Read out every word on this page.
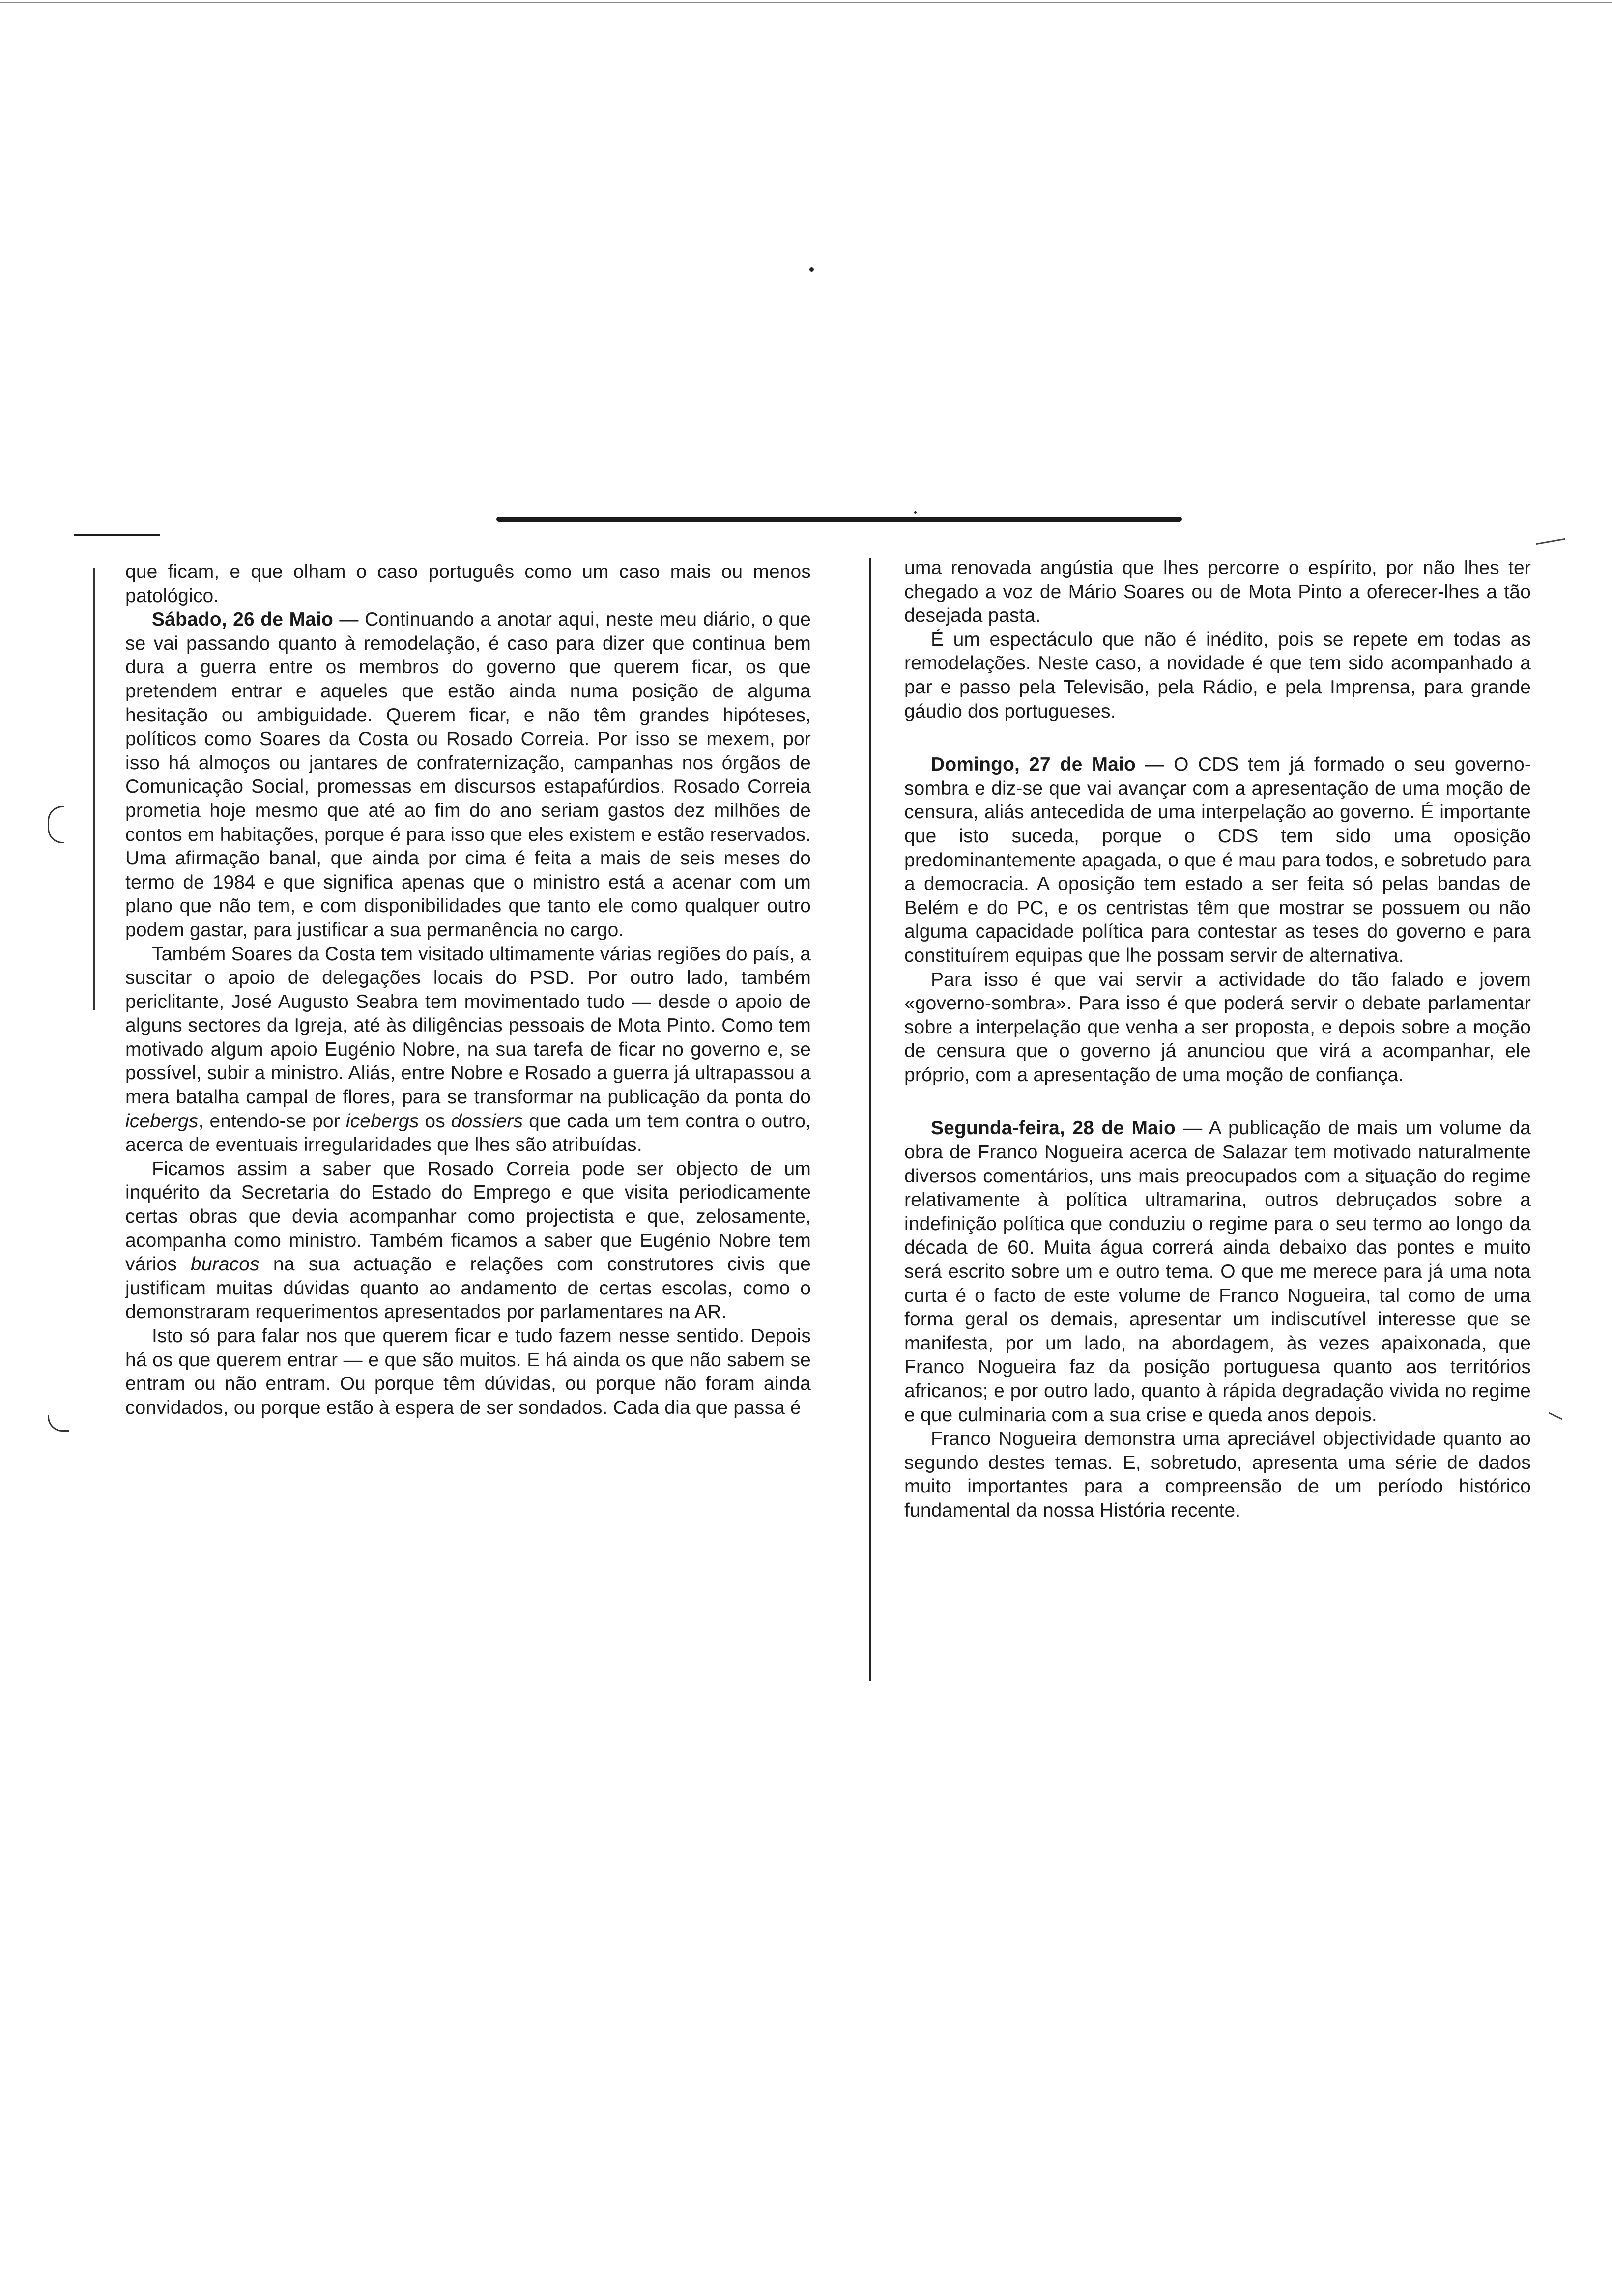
que ficam, e que olham o caso português como um caso mais ou menos patológico.

Sábado, 26 de Maio — Continuando a anotar aqui, neste meu diário, o que se vai passando quanto à remodelação, é caso para dizer que continua bem dura a guerra entre os membros do governo que querem ficar, os que pretendem entrar e aqueles que estão ainda numa posição de alguma hesitação ou ambiguidade. Querem ficar, e não têm grandes hipóteses, políticos como Soares da Costa ou Rosado Correia. Por isso se mexem, por isso há almoços ou jantares de confraternização, campanhas nos órgãos de Comunicação Social, promessas em discursos estapafúrdios. Rosado Correia prometia hoje mesmo que até ao fim do ano seriam gastos dez milhões de contos em habitações, porque é para isso que eles existem e estão reservados. Uma afirmação banal, que ainda por cima é feita a mais de seis meses do termo de 1984 e que significa apenas que o ministro está a acenar com um plano que não tem, e com disponibilidades que tanto ele como qualquer outro podem gastar, para justificar a sua permanência no cargo.

Também Soares da Costa tem visitado ultimamente várias regiões do país, a suscitar o apoio de delegações locais do PSD. Por outro lado, também periclitante, José Augusto Seabra tem movimentado tudo — desde o apoio de alguns sectores da Igreja, até às diligências pessoais de Mota Pinto. Como tem motivado algum apoio Eugénio Nobre, na sua tarefa de ficar no governo e, se possível, subir a ministro. Aliás, entre Nobre e Rosado a guerra já ultrapassou a mera batalha campal de flores, para se transformar na publicação da ponta do icebergs, entendo-se por icebergs os dossiers que cada um tem contra o outro, acerca de eventuais irregularidades que lhes são atribuídas.

Ficamos assim a saber que Rosado Correia pode ser objecto de um inquérito da Secretaria do Estado do Emprego e que visita periodicamente certas obras que devia acompanhar como projectista e que, zelosamente, acompanha como ministro. Também ficamos a saber que Eugénio Nobre tem vários buracos na sua actuação e relações com construtores civis que justificam muitas dúvidas quanto ao andamento de certas escolas, como o demonstraram requerimentos apresentados por parlamentares na AR.

Isto só para falar nos que querem ficar e tudo fazem nesse sentido. Depois há os que querem entrar — e que são muitos. E há ainda os que não sabem se entram ou não entram. Ou porque têm dúvidas, ou porque não foram ainda convidados, ou porque estão à espera de ser sondados. Cada dia que passa é

uma renovada angústia que lhes percorre o espírito, por não lhes ter chegado a voz de Mário Soares ou de Mota Pinto a oferecer-lhes a tão desejada pasta.

É um espectáculo que não é inédito, pois se repete em todas as remodelações. Neste caso, a novidade é que tem sido acompanhado a par e passo pela Televisão, pela Rádio, e pela Imprensa, para grande gáudio dos portugueses.

Domingo, 27 de Maio — O CDS tem já formado o seu governo-sombra e diz-se que vai avançar com a apresentação de uma moção de censura, aliás antecedida de uma interpelação ao governo. É importante que isto suceda, porque o CDS tem sido uma oposição predominantemente apagada, o que é mau para todos, e sobretudo para a democracia. A oposição tem estado a ser feita só pelas bandas de Belém e do PC, e os centristas têm que mostrar se possuem ou não alguma capacidade política para contestar as teses do governo e para constituírem equipas que lhe possam servir de alternativa.

Para isso é que vai servir a actividade do tão falado e jovem «governo-sombra». Para isso é que poderá servir o debate parlamentar sobre a interpelação que venha a ser proposta, e depois sobre a moção de censura que o governo já anunciou que virá a acompanhar, ele próprio, com a apresentação de uma moção de confiança.

Segunda-feira, 28 de Maio — A publicação de mais um volume da obra de Franco Nogueira acerca de Salazar tem motivado naturalmente diversos comentários, uns mais preocupados com a situação do regime relativamente à política ultramarina, outros debruçados sobre a indefinição política que conduziu o regime para o seu termo ao longo da década de 60. Muita água correrá ainda debaixo das pontes e muito será escrito sobre um e outro tema. O que me merece para já uma nota curta é o facto de este volume de Franco Nogueira, tal como de uma forma geral os demais, apresentar um indiscutível interesse que se manifesta, por um lado, na abordagem, às vezes apaixonada, que Franco Nogueira faz da posição portuguesa quanto aos territórios africanos; e por outro lado, quanto à rápida degradação vivida no regime e que culminaria com a sua crise e queda anos depois.

Franco Nogueira demonstra uma apreciável objectividade quanto ao segundo destes temas. E, sobretudo, apresenta uma série de dados muito importantes para a compreensão de um período histórico fundamental da nossa História recente.
